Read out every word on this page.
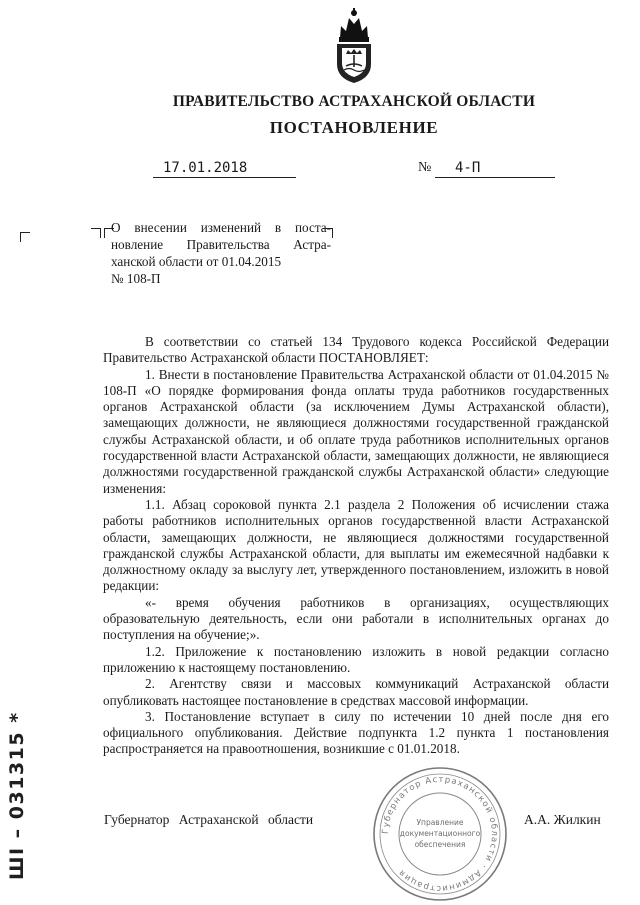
ПРАВИТЕЛЬСТВО АСТРАХАНСКОЙ ОБЛАСТИ
ПОСТАНОВЛЕНИЕ
17.01.2018	№	4-П
О внесении изменений в поста-
новление Правительства Астра-
ханской области от 01.04.2015
№ 108-П

В соответствии со статьей 134 Трудового кодекса Российской Федерации Правительство Астраханской области ПОСТАНОВЛЯЕТ:

1. Внести в постановление Правительства Астраханской области от 01.04.2015 № 108-П «О порядке формирования фонда оплаты труда работников государственных органов Астраханской области (за исключением Думы Астраханской области), замещающих должности, не являющиеся должностями государственной гражданской службы Астраханской области, и об оплате труда работников исполнительных органов государственной власти Астраханской области, замещающих должности, не являющиеся должностями государственной гражданской службы Астраханской области» следующие изменения:

1.1. Абзац сороковой пункта 2.1 раздела 2 Положения об исчислении стажа работы работников исполнительных органов государственной власти Астраханской области, замещающих должности, не являющиеся должностями государственной гражданской службы Астраханской области, для выплаты им ежемесячной надбавки к должностному окладу за выслугу лет, утвержденного постановлением, изложить в новой редакции:

«- время обучения работников в организациях, осуществляющих образовательную деятельность, если они работали в исполнительных органах до поступления на обучение;».

1.2. Приложение к постановлению изложить в новой редакции согласно приложению к настоящему постановлению.

2. Агентству связи и массовых коммуникаций Астраханской области опубликовать настоящее постановление в средствах массовой информации.

3. Постановление вступает в силу по истечении 10 дней после дня его официального опубликования. Действие подпункта 1.2 пункта 1 постановления распространяется на правоотношения, возникшие с 01.01.2018.

Губернатор Астраханской области	А.А. Жилкин
Губернатор Астраханской области · Администрация
Управление
документационного
обеспечения
ШI – 031315 *
